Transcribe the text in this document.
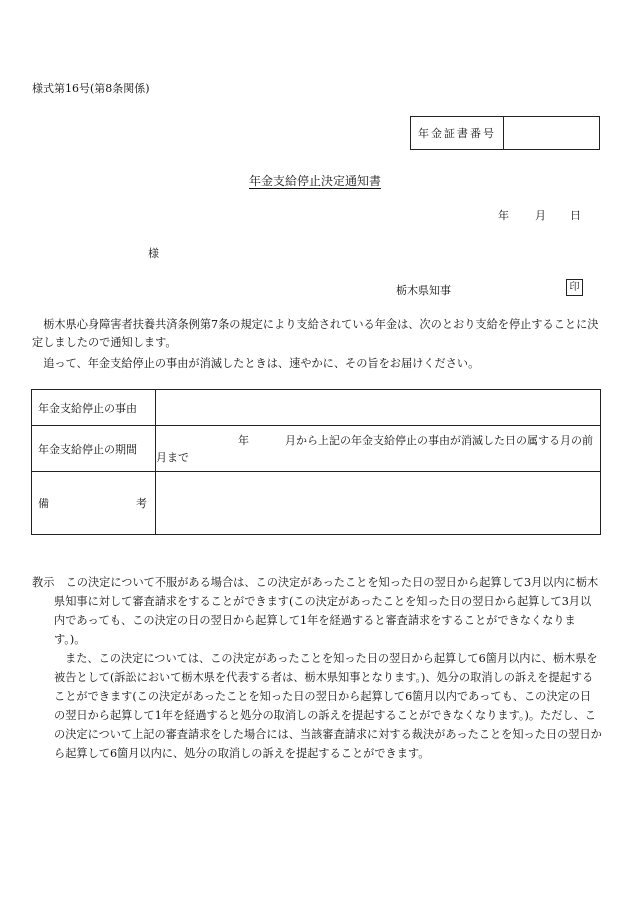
様式第16号(第8条関係)
年金証書番号
年金支給停止決定通知書
年 月 日
様
栃木県知事	印

栃木県心身障害者扶養共済条例第7条の規定により支給されている年金は、次のとおり支給を停止することに決定しましたので通知します。

追って、年金支給停止の事由が消滅したときは、速やかに、その旨をお届けください。

年金支給停止の事由	
年金支給停止の期間	年 月から上記の年金支給停止の事由が消滅した日の属する月の前月まで

備 考	

教示　 この決定について不服がある場合は、この決定があったことを知った日の翌日から起算して3月以内に栃木県知事に対して審査請求をすることができます(この決定があったことを知った日の翌日から起算して3月以内であっても、この決定の日の翌日から起算して1年を経過すると審査請求をすることができなくなります。)。

また、この決定については、この決定があったことを知った日の翌日から起算して6箇月以内に、栃木県を被告として(訴訟において栃木県を代表する者は、栃木県知事となります。)、処分の取消しの訴えを提起することができます(この決定があったことを知った日の翌日から起算して6箇月以内であっても、この決定の日の翌日から起算して1年を経過すると処分の取消しの訴えを提起することができなくなります。)。ただし、この決定について上記の審査請求をした場合には、当該審査請求に対する裁決があったことを知った日の翌日から起算して6箇月以内に、処分の取消しの訴えを提起することができます。
